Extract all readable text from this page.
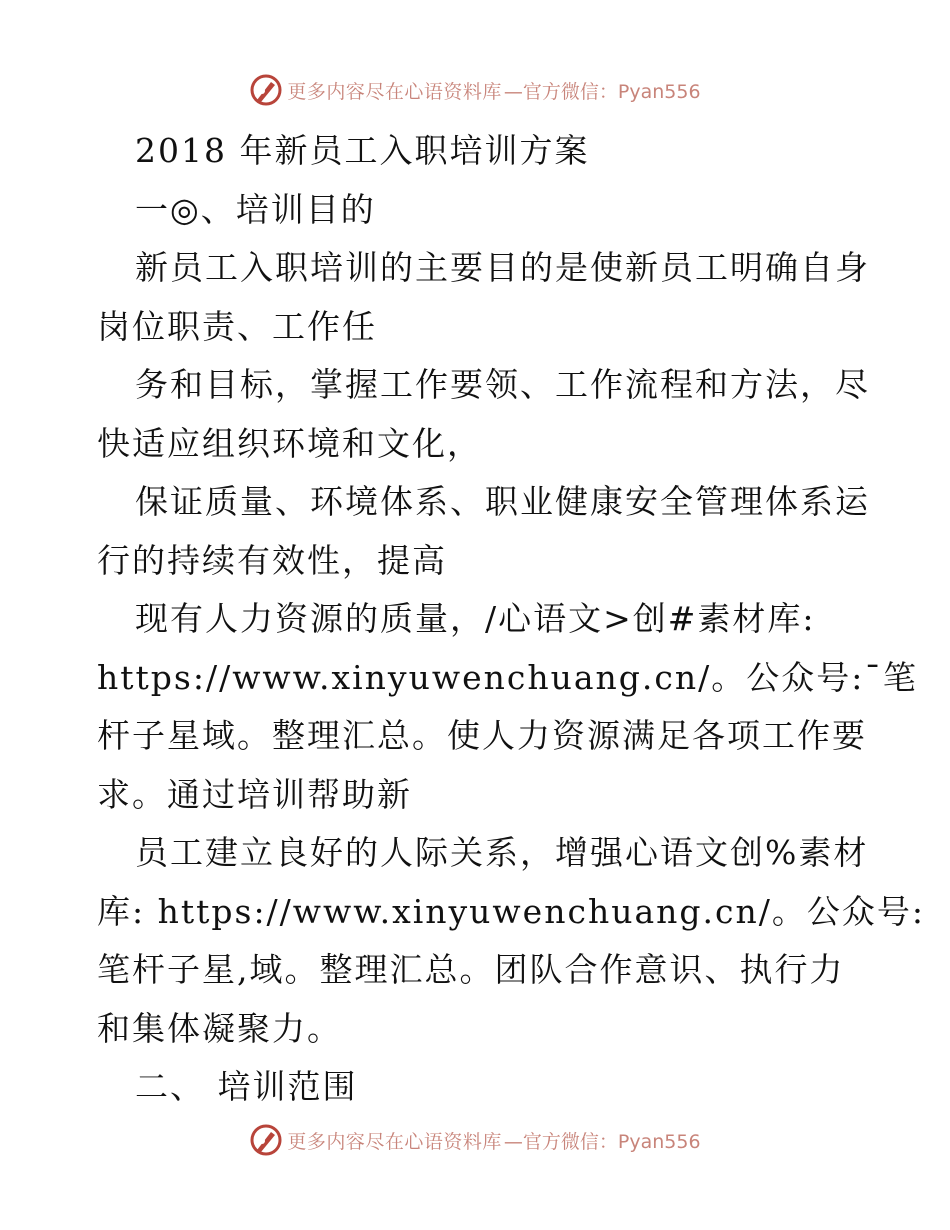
更多内容尽在心语资料库 —官方微信：Pyan556
2018 年新员工入职培训方案
一◎、培训目的
新员工入职培训的主要目的是使新员工明确自身
岗位职责、工作任
务和目标，掌握工作要领、工作流程和方法，尽
快适应组织环境和文化，
保证质量、环境体系、职业健康安全管理体系运
行的持续有效性，提高
现有人力资源的质量，/心语文>创#素材库:
https://www.xinyuwenchuang.cn/。公众号:¯笔
杆子星域。整理汇总。使人力资源满足各项工作要
求。通过培训帮助新
员工建立良好的人际关系，增强心语文创%素材
库: https://www.xinyuwenchuang.cn/。公众号:
笔杆子星,域。整理汇总。团队合作意识、执行力
和集体凝聚力。
二、 培训范围
更多内容尽在心语资料库 —官方微信：Pyan556
